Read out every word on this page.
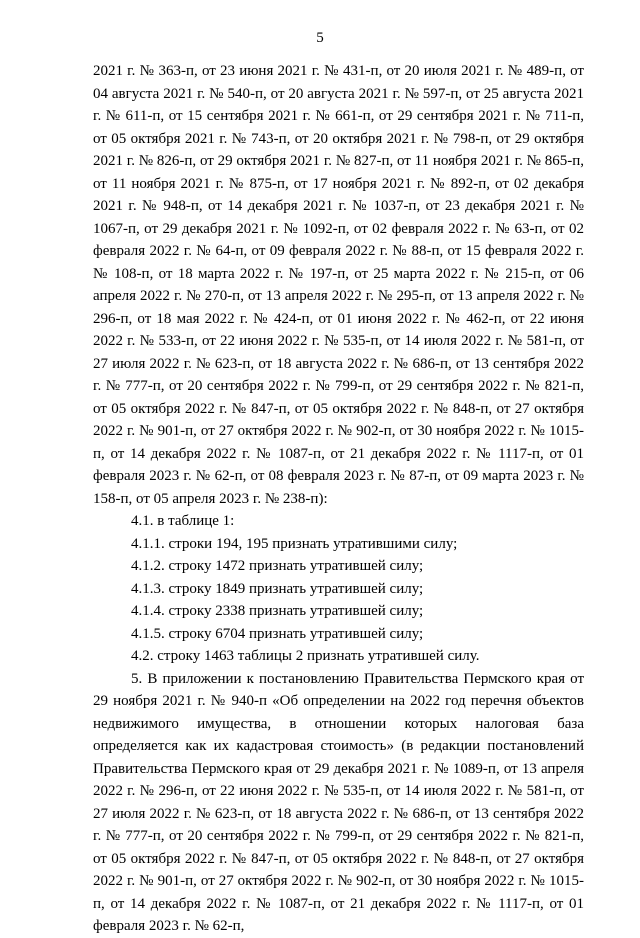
5

2021 г. № 363-п, от 23 июня 2021 г. № 431-п, от 20 июля 2021 г. № 489-п, от 04 августа 2021 г. № 540-п, от 20 августа 2021 г. № 597-п, от 25 августа 2021 г. № 611-п, от 15 сентября 2021 г. № 661-п, от 29 сентября 2021 г. № 711-п, от 05 октября 2021 г. № 743-п, от 20 октября 2021 г. № 798-п, от 29 октября 2021 г. № 826-п, от 29 октября 2021 г. № 827-п, от 11 ноября 2021 г. № 865-п, от 11 ноября 2021 г. № 875-п, от 17 ноября 2021 г. № 892-п, от 02 декабря 2021 г. № 948-п, от 14 декабря 2021 г. № 1037-п, от 23 декабря 2021 г. № 1067-п, от 29 декабря 2021 г. № 1092-п, от 02 февраля 2022 г. № 63-п, от 02 февраля 2022 г. № 64-п, от 09 февраля 2022 г. № 88-п, от 15 февраля 2022 г. № 108-п, от 18 марта 2022 г. № 197-п, от 25 марта 2022 г. № 215-п, от 06 апреля 2022 г. № 270-п, от 13 апреля 2022 г. № 295-п, от 13 апреля 2022 г. № 296-п, от 18 мая 2022 г. № 424-п, от 01 июня 2022 г. № 462-п, от 22 июня 2022 г. № 533-п, от 22 июня 2022 г. № 535-п, от 14 июля 2022 г. № 581-п, от 27 июля 2022 г. № 623-п, от 18 августа 2022 г. № 686-п, от 13 сентября 2022 г. № 777-п, от 20 сентября 2022 г. № 799-п, от 29 сентября 2022 г. № 821-п, от 05 октября 2022 г. № 847-п, от 05 октября 2022 г. № 848-п, от 27 октября 2022 г. № 901-п, от 27 октября 2022 г. № 902-п, от 30 ноября 2022 г. № 1015-п, от 14 декабря 2022 г. № 1087-п, от 21 декабря 2022 г. № 1117-п, от 01 февраля 2023 г. № 62-п, от 08 февраля 2023 г. № 87-п, от 09 марта 2023 г. № 158-п, от 05 апреля 2023 г. № 238-п):

4.1. в таблице 1:

4.1.1. строки 194, 195 признать утратившими силу;

4.1.2. строку 1472 признать утратившей силу;

4.1.3. строку 1849 признать утратившей силу;

4.1.4. строку 2338 признать утратившей силу;

4.1.5. строку 6704 признать утратившей силу;

4.2. строку 1463 таблицы 2 признать утратившей силу.

5. В приложении к постановлению Правительства Пермского края от 29 ноября 2021 г. № 940-п «Об определении на 2022 год перечня объектов недвижимого имущества, в отношении которых налоговая база определяется как их кадастровая стоимость» (в редакции постановлений Правительства Пермского края от 29 декабря 2021 г. № 1089-п, от 13 апреля 2022 г. № 296-п, от 22 июня 2022 г. № 535-п, от 14 июля 2022 г. № 581-п, от 27 июля 2022 г. № 623-п, от 18 августа 2022 г. № 686-п, от 13 сентября 2022 г. № 777-п, от 20 сентября 2022 г. № 799-п, от 29 сентября 2022 г. № 821-п, от 05 октября 2022 г. № 847-п, от 05 октября 2022 г. № 848-п, от 27 октября 2022 г. № 901-п, от 27 октября 2022 г. № 902-п, от 30 ноября 2022 г. № 1015-п, от 14 декабря 2022 г. № 1087-п, от 21 декабря 2022 г. № 1117-п, от 01 февраля 2023 г. № 62-п,
